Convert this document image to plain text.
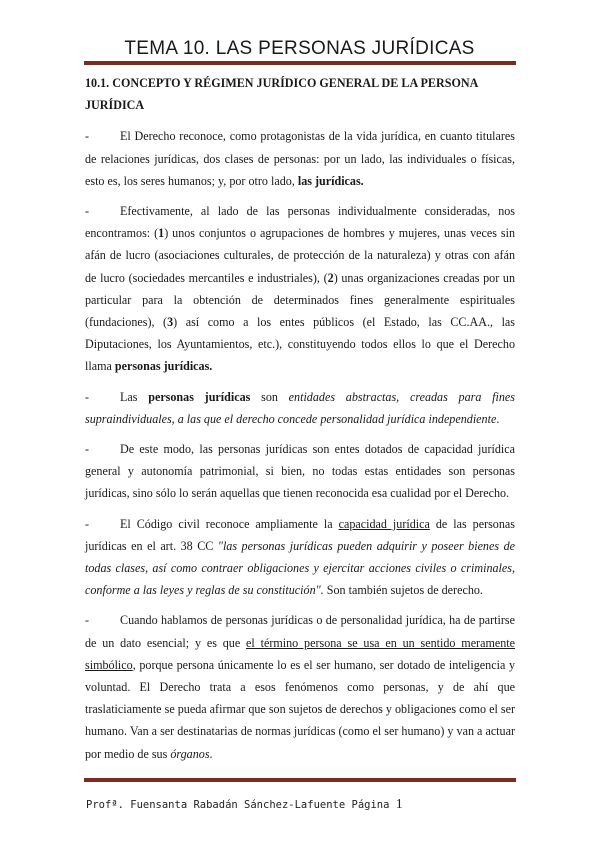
TEMA 10. LAS PERSONAS JURÍDICAS
10.1. CONCEPTO Y RÉGIMEN JURÍDICO GENERAL DE LA PERSONA JURÍDICA

-	El Derecho reconoce, como protagonistas de la vida jurídica, en cuanto titulares de relaciones jurídicas, dos clases de personas: por un lado, las individuales o físicas, esto es, los seres humanos; y, por otro lado, las jurídicas.

-	Efectivamente, al lado de las personas individualmente consideradas, nos encontramos: (1) unos conjuntos o agrupaciones de hombres y mujeres, unas veces sin afán de lucro (asociaciones culturales, de protección de la naturaleza) y otras con afán de lucro (sociedades mercantiles e industriales), (2) unas organizaciones creadas por un particular para la obtención de determinados fines generalmente espirituales (fundaciones), (3) así como a los entes públicos (el Estado, las CC.AA., las Diputaciones, los Ayuntamientos, etc.), constituyendo todos ellos lo que el Derecho llama personas jurídicas.

-	Las personas jurídicas son entidades abstractas, creadas para fines supraindividuales, a las que el derecho concede personalidad jurídica independiente.

-	De este modo, las personas jurídicas son entes dotados de capacidad jurídica general y autonomía patrimonial, si bien, no todas estas entidades son personas jurídicas, sino sólo lo serán aquellas que tienen reconocida esa cualidad por el Derecho.

-	El Código civil reconoce ampliamente la capacidad jurídica de las personas jurídicas en el art. 38 CC "las personas jurídicas pueden adquirir y poseer bienes de todas clases, así como contraer obligaciones y ejercitar acciones civiles o criminales, conforme a las leyes y reglas de su constitución". Son también sujetos de derecho.

-	Cuando hablamos de personas jurídicas o de personalidad jurídica, ha de partirse de un dato esencial; y es que el término persona se usa en un sentido meramente simbólico, porque persona únicamente lo es el ser humano, ser dotado de inteligencia y voluntad. El Derecho trata a esos fenómenos como personas, y de ahí que traslaticiamente se pueda afirmar que son sujetos de derechos y obligaciones como el ser humano. Van a ser destinatarias de normas jurídicas (como el ser humano) y van a actuar por medio de sus órganos.

Profª. Fuensanta Rabadán Sánchez-Lafuente Página 1
